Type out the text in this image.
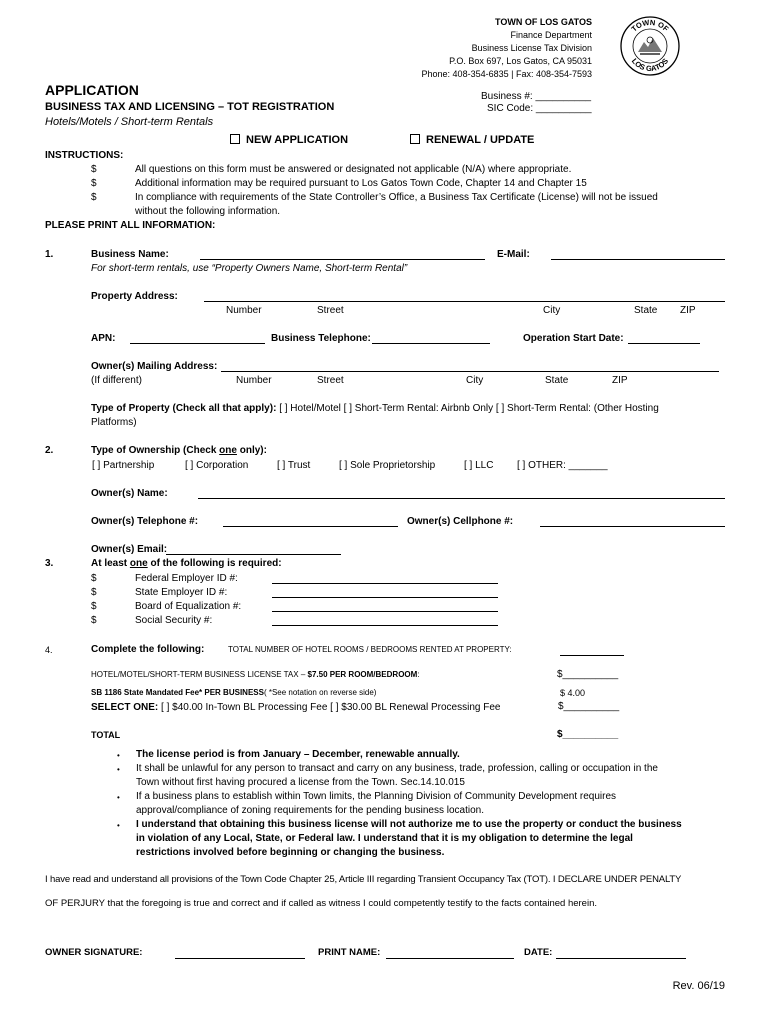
TOWN OF LOS GATOS
Finance Department
Business License Tax Division
P.O. Box 697, Los Gatos, CA 95031
Phone: 408-354-6835 | Fax: 408-354-7593
TOWN OF
LOS GATOS
APPLICATION
BUSINESS TAX AND LICENSING – TOT REGISTRATION
Hotels/Motels / Short-term Rentals
Business #: __________
SIC Code: __________
NEW APPLICATION	RENEWAL / UPDATE
INSTRUCTIONS:
$	All questions on this form must be answered or designated not applicable (N/A) where appropriate.
$	Additional information may be required pursuant to Los Gatos Town Code, Chapter 14 and Chapter 15
$	In compliance with requirements of the State Controller’s Office, a Business Tax Certificate (License) will not be issued
without the following information.
PLEASE PRINT ALL INFORMATION:
1.	Business Name:	E-Mail:
For short-term rentals, use “Property Owners Name, Short-term Rental”
Property Address:
Number	Street	City	State ZIP
APN:	Business Telephone:	Operation Start Date:
Owner(s) Mailing Address:
(If different)	Number	Street	City	State	ZIP
Type of Property (Check all that apply): [ ] Hotel/Motel [ ] Short-Term Rental: Airbnb Only [ ] Short-Term Rental: (Other Hosting
Platforms)
2.	Type of Ownership (Check one only):
[ ] Partnership	[ ] Corporation	[ ] Trust	[ ] Sole Proprietorship	[ ] LLC [ ] OTHER: _______
Owner(s) Name:
Owner(s) Telephone #:	Owner(s) Cellphone #:
Owner(s) Email:
3.	At least one of the following is required:
$	Federal Employer ID #:
$	State Employer ID #:
$	Board of Equalization #:
$	Social Security #:
4.	Complete the following:	TOTAL NUMBER OF HOTEL ROOMS / BEDROOMS RENTED AT PROPERTY:
HOTEL/MOTEL/SHORT-TERM BUSINESS LICENSE TAX – $7.50 PER ROOM/BEDROOM:	$__________
SB 1186 State Mandated Fee* PER BUSINESS( *See notation on reverse side)	$ 4.00
SELECT ONE: [ ] $40.00 In-Town BL Processing Fee [ ] $30.00 BL Renewal Processing Fee	$__________
TOTAL	$__________
• The license period is from January – December, renewable annually.
• It shall be unlawful for any person to transact and carry on any business, trade, profession, calling or occupation in the
Town without first having procured a license from the Town. Sec.14.10.015
• If a business plans to establish within Town limits, the Planning Division of Community Development requires
approval/compliance of zoning requirements for the pending business location.
• I understand that obtaining this business license will not authorize me to use the property or conduct the business
in violation of any Local, State, or Federal law. I understand that it is my obligation to determine the legal
restrictions involved before beginning or changing the business.
I have read and understand all provisions of the Town Code Chapter 25, Article III regarding Transient Occupancy Tax (TOT). I DECLARE UNDER PENALTY
OF PERJURY that the foregoing is true and correct and if called as witness I could competently testify to the facts contained herein.
OWNER SIGNATURE:	PRINT NAME:	DATE:
Rev. 06/19
